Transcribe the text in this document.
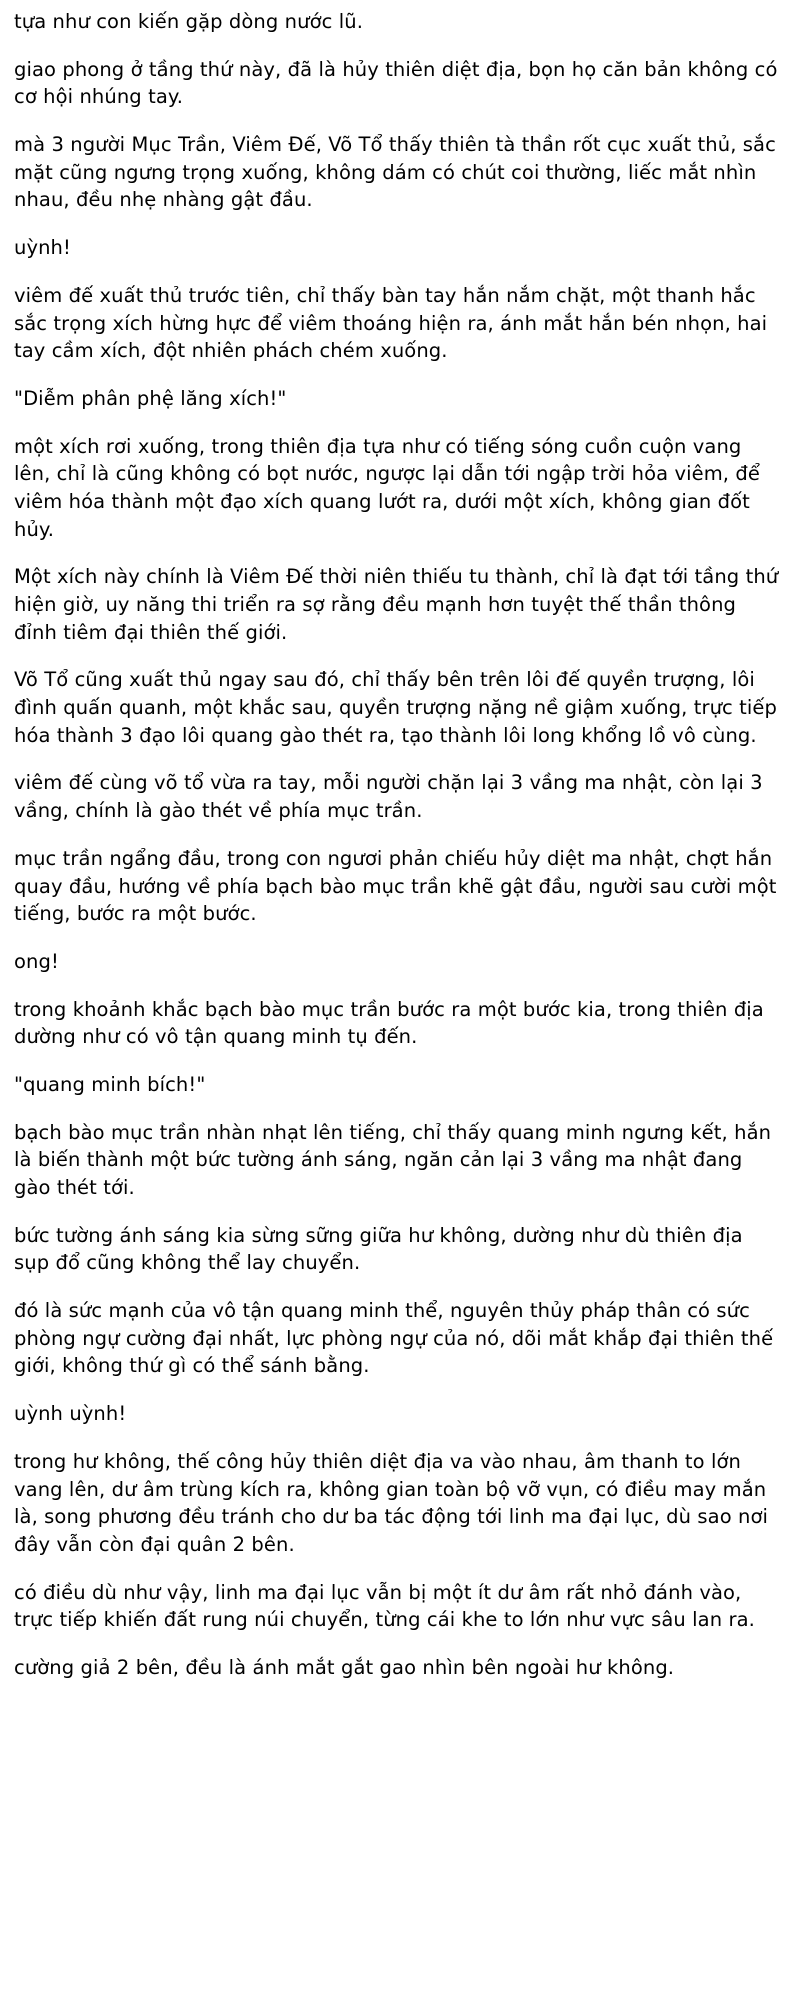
tựa như con kiến gặp dòng nước lũ.

giao phong ở tầng thứ này, đã là hủy thiên diệt địa, bọn họ căn bản không có cơ hội nhúng tay.

mà 3 người Mục Trần, Viêm Đế, Võ Tổ thấy thiên tà thần rốt cục xuất thủ, sắc mặt cũng ngưng trọng xuống, không dám có chút coi thường, liếc mắt nhìn nhau, đều nhẹ nhàng gật đầu.

uỳnh!

viêm đế xuất thủ trước tiên, chỉ thấy bàn tay hắn nắm chặt, một thanh hắc sắc trọng xích hừng hực để viêm thoáng hiện ra, ánh mắt hắn bén nhọn, hai tay cầm xích, đột nhiên phách chém xuống.

"Diễm phân phệ lăng xích!"

một xích rơi xuống, trong thiên địa tựa như có tiếng sóng cuồn cuộn vang lên, chỉ là cũng không có bọt nước, ngược lại dẫn tới ngập trời hỏa viêm, để viêm hóa thành một đạo xích quang lướt ra, dưới một xích, không gian đốt hủy.

Một xích này chính là Viêm Đế thời niên thiếu tu thành, chỉ là đạt tới tầng thứ hiện giờ, uy năng thi triển ra sợ rằng đều mạnh hơn tuyệt thế thần thông đỉnh tiêm đại thiên thế giới.

Võ Tổ cũng xuất thủ ngay sau đó, chỉ thấy bên trên lôi đế quyền trượng, lôi đình quấn quanh, một khắc sau, quyền trượng nặng nề giậm xuống, trực tiếp hóa thành 3 đạo lôi quang gào thét ra, tạo thành lôi long khổng lồ vô cùng.

viêm đế cùng võ tổ vừa ra tay, mỗi người chặn lại 3 vầng ma nhật, còn lại 3 vầng, chính là gào thét về phía mục trần.

mục trần ngẩng đầu, trong con ngươi phản chiếu hủy diệt ma nhật, chợt hắn quay đầu, hướng về phía bạch bào mục trần khẽ gật đầu, người sau cười một tiếng, bước ra một bước.

ong!

trong khoảnh khắc bạch bào mục trần bước ra một bước kia, trong thiên địa dường như có vô tận quang minh tụ đến.

"quang minh bích!"

bạch bào mục trần nhàn nhạt lên tiếng, chỉ thấy quang minh ngưng kết, hắn là biến thành một bức tường ánh sáng, ngăn cản lại 3 vầng ma nhật đang gào thét tới.

bức tường ánh sáng kia sừng sững giữa hư không, dường như dù thiên địa sụp đổ cũng không thể lay chuyển.

đó là sức mạnh của vô tận quang minh thể, nguyên thủy pháp thân có sức phòng ngự cường đại nhất, lực phòng ngự của nó, dõi mắt khắp đại thiên thế giới, không thứ gì có thể sánh bằng.

uỳnh uỳnh!

trong hư không, thế công hủy thiên diệt địa va vào nhau, âm thanh to lớn vang lên, dư âm trùng kích ra, không gian toàn bộ vỡ vụn, có điều may mắn là, song phương đều tránh cho dư ba tác động tới linh ma đại lục, dù sao nơi đây vẫn còn đại quân 2 bên.

có điều dù như vậy, linh ma đại lục vẫn bị một ít dư âm rất nhỏ đánh vào, trực tiếp khiến đất rung núi chuyển, từng cái khe to lớn như vực sâu lan ra.

cường giả 2 bên, đều là ánh mắt gắt gao nhìn bên ngoài hư không.
